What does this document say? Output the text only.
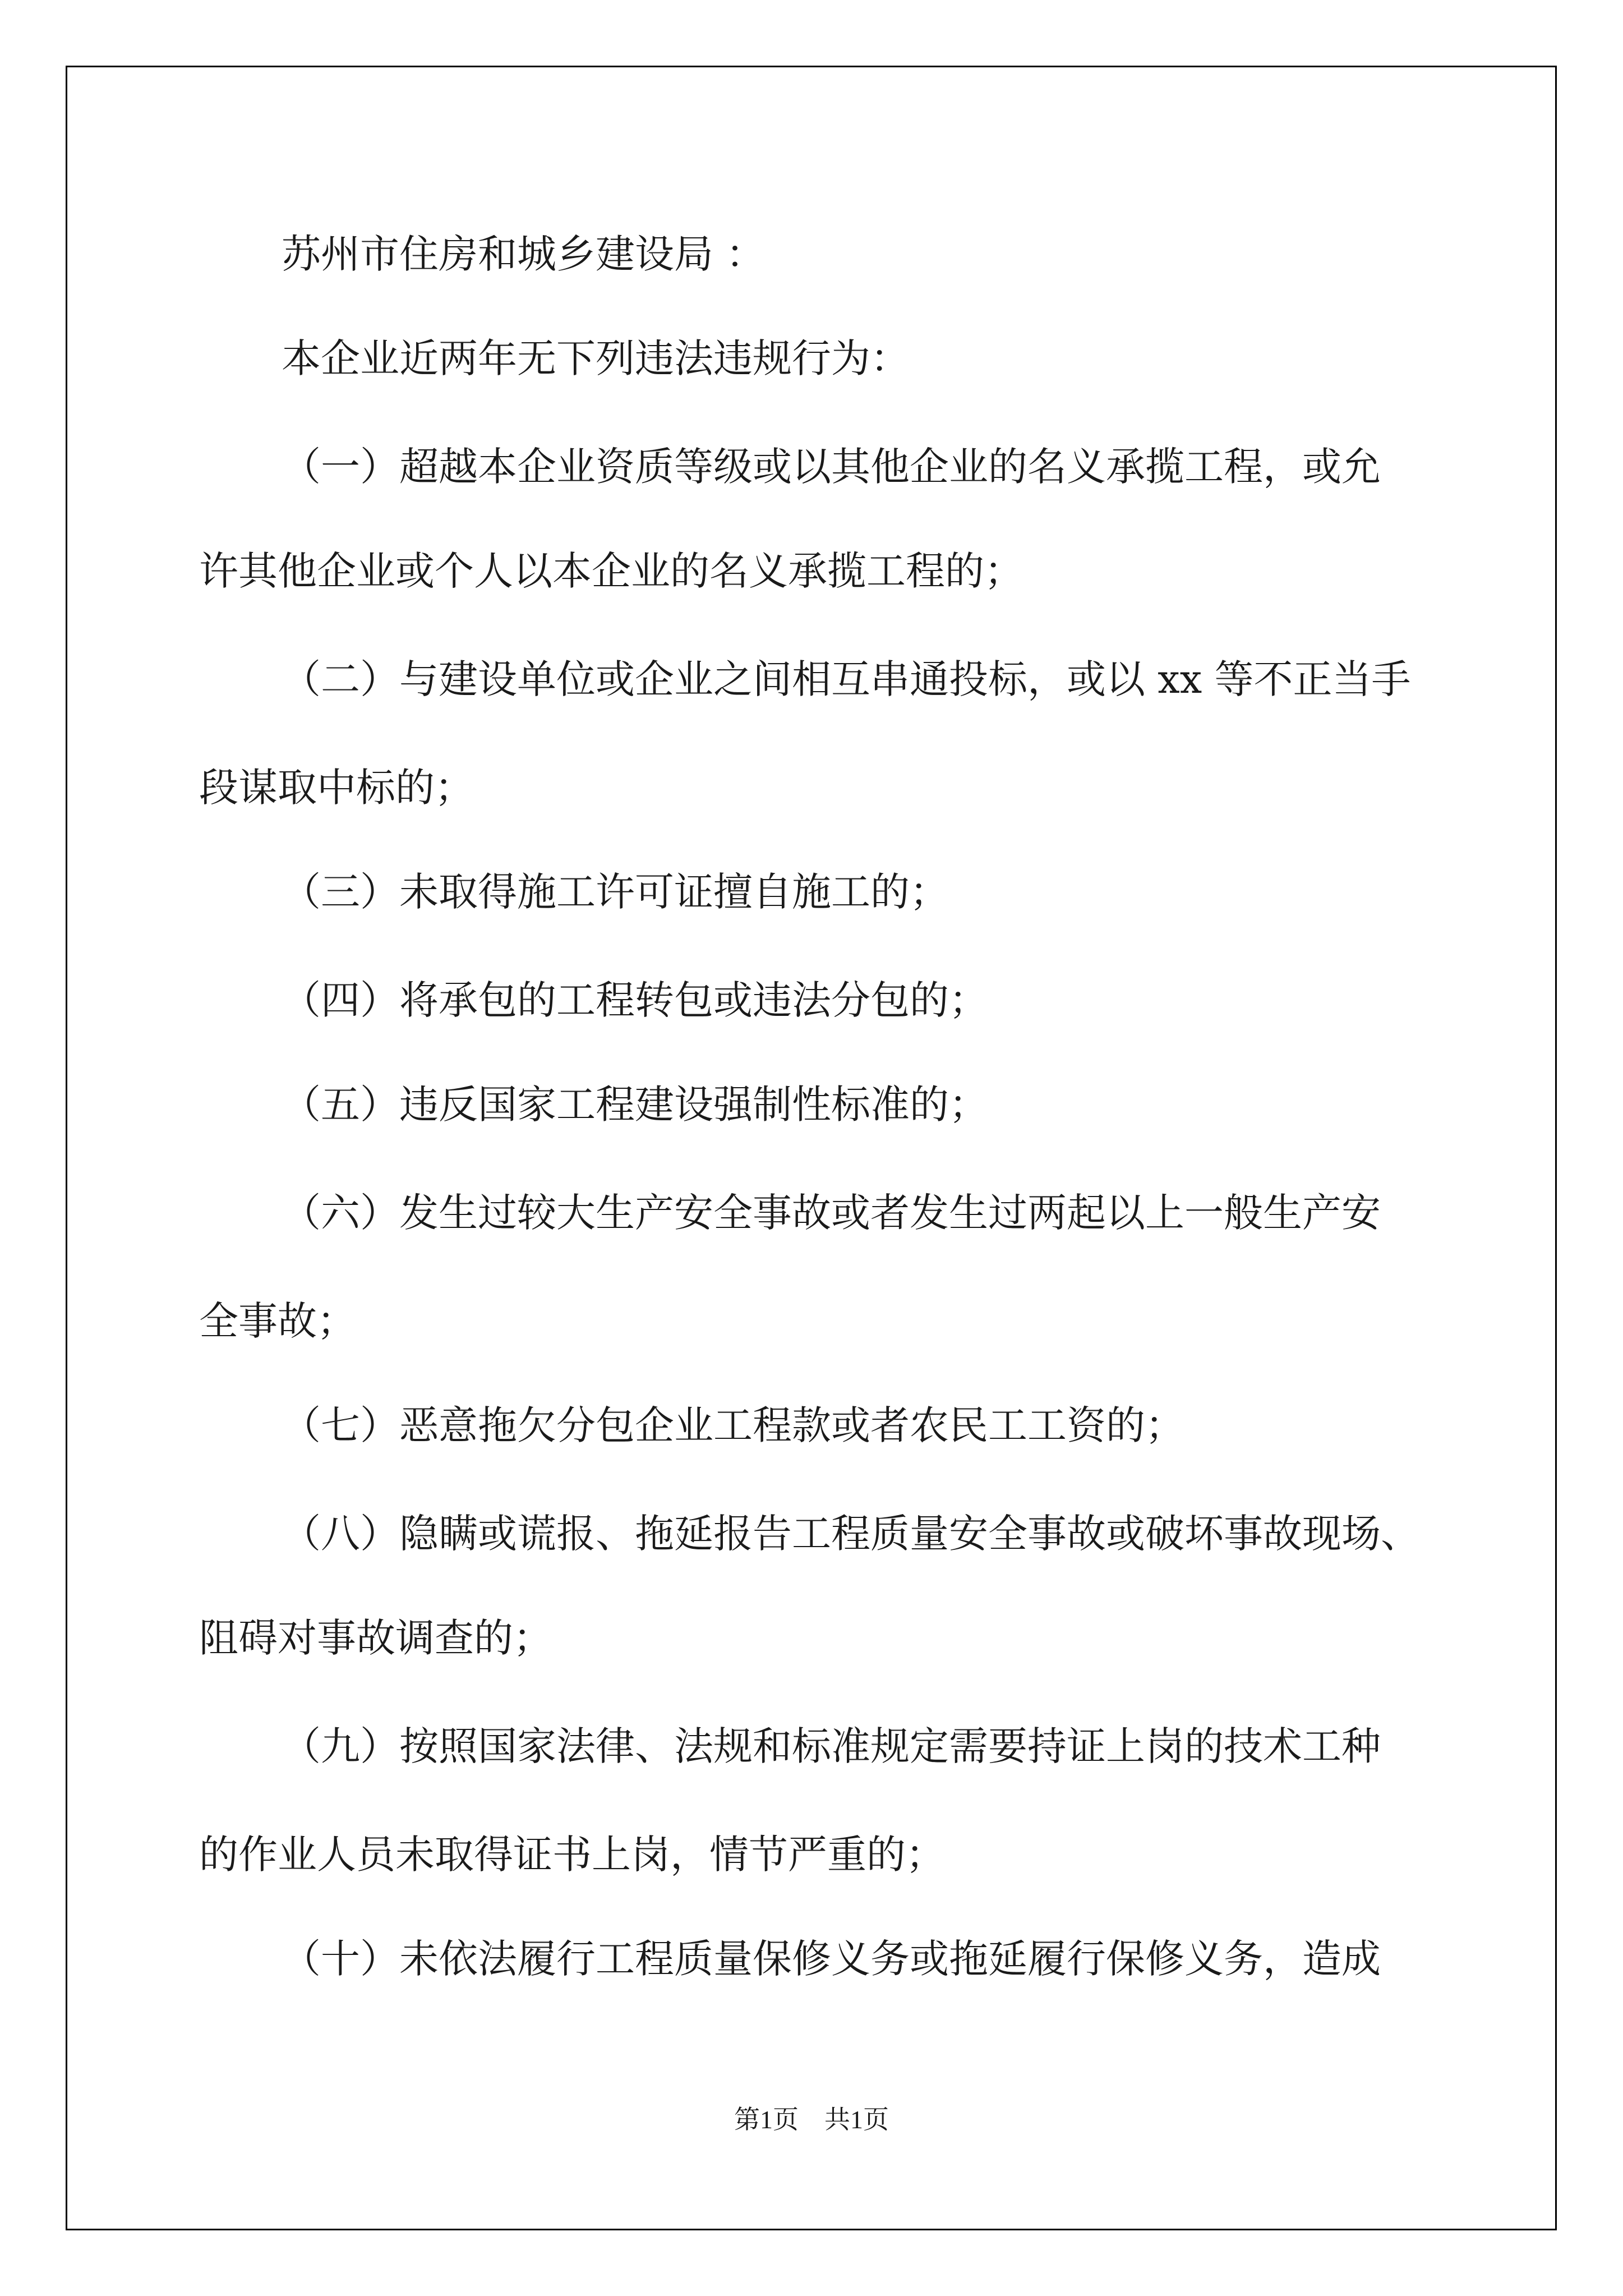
苏州市住房和城乡建设局 ：
本企业近两年无下列违法违规行为：
（一）超越本企业资质等级或以其他企业的名义承揽工程，或允
许其他企业或个人以本企业的名义承揽工程的；
（二）与建设单位或企业之间相互串通投标，或以 xx 等不正当手
段谋取中标的；
（三）未取得施工许可证擅自施工的；
（四）将承包的工程转包或违法分包的；
（五）违反国家工程建设强制性标准的；
（六）发生过较大生产安全事故或者发生过两起以上一般生产安
全事故；
（七）恶意拖欠分包企业工程款或者农民工工资的；
（八）隐瞒或谎报、拖延报告工程质量安全事故或破坏事故现场、
阻碍对事故调查的；
（九）按照国家法律、法规和标准规定需要持证上岗的技术工种
的作业人员未取得证书上岗，情节严重的；
（十）未依法履行工程质量保修义务或拖延履行保修义务，造成
第1页　共1页
